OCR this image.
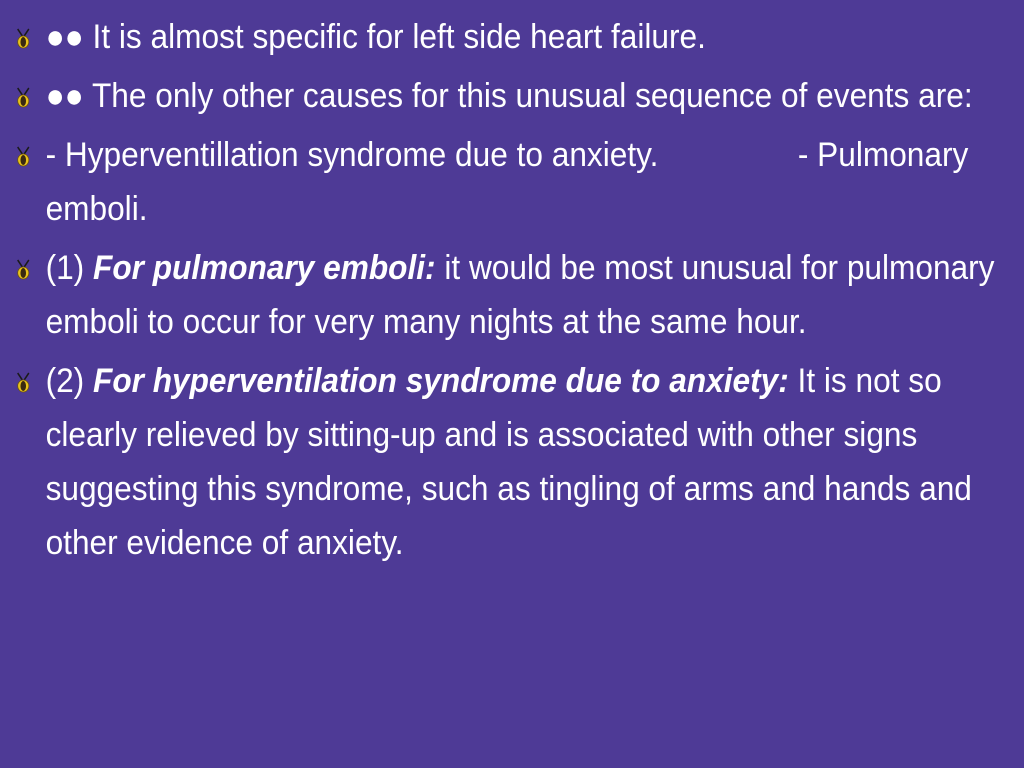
●● It is almost specific for left side heart failure.
●● The only other causes for this unusual sequence of events are:
- Hyperventillation syndrome due to anxiety.	- Pulmonary emboli.
(1) For pulmonary emboli: it would be most unusual for pulmonary emboli to occur for very many nights at the same hour.
(2) For hyperventilation syndrome due to anxiety: It is not so clearly relieved by sitting-up and is associated with other signs suggesting this syndrome, such as tingling of arms and hands and other evidence of anxiety.
